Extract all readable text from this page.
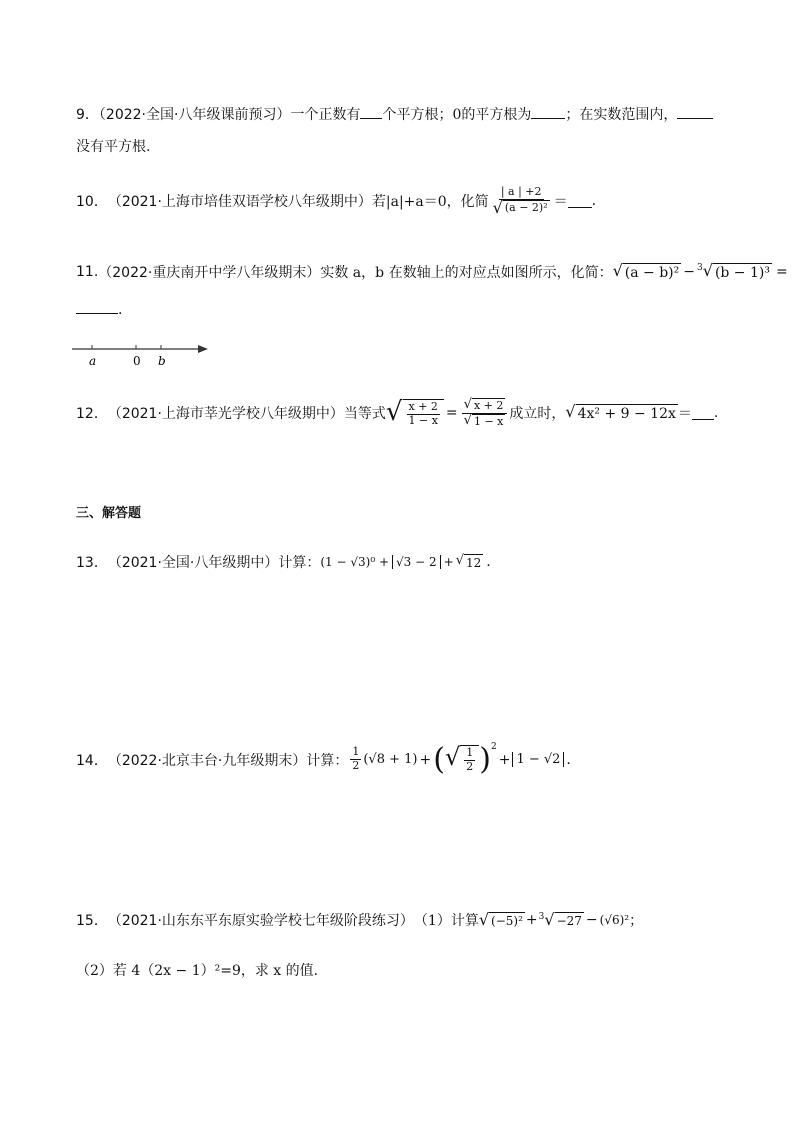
9．（2022·全国·八年级课前预习）一个正数有 个平方根；0的平方根为 ；在实数范围内，
没有平方根.
10． （2021·上海市培佳双语学校八年级期中） 若|a|+a＝0，化简 $\frac{| a | +2}{\text{√ (a − 2)²}}$ ＝ .
11. （2022·重庆南开中学八年级期末） 实数 a，b 在数轴上的对应点如图所示，化简： √ (a − b)² − 3 √ (b − 1)³ =
.
a	0 b
12． （2021·上海市莘光学校八年级期中） 当等式 √ $\frac{x + 2}{1 - x} = \frac{√ x + 2}{√ 1 - x}$ 成立时， √ 4x² + 9 − 12x ＝ .
三、解答题
13． （2021·全国·八年级期中） 计算： (1 − √3)⁰ + √3 − 2 + √ 12 .
14． （2022·北京丰台·九年级期末） 计算： $\frac{1}{2} (√8 + 1)$ + ( √ $\frac{1}{2} )^2$
+ 1 − √2 .
15． （2021·山东东平东原实验学校七年级阶段练习） （1）计算 √ (−5)² + 3 √ −27 − (√6)² ；
（2）若 4（2x − 1）²=9，求 x 的值.
